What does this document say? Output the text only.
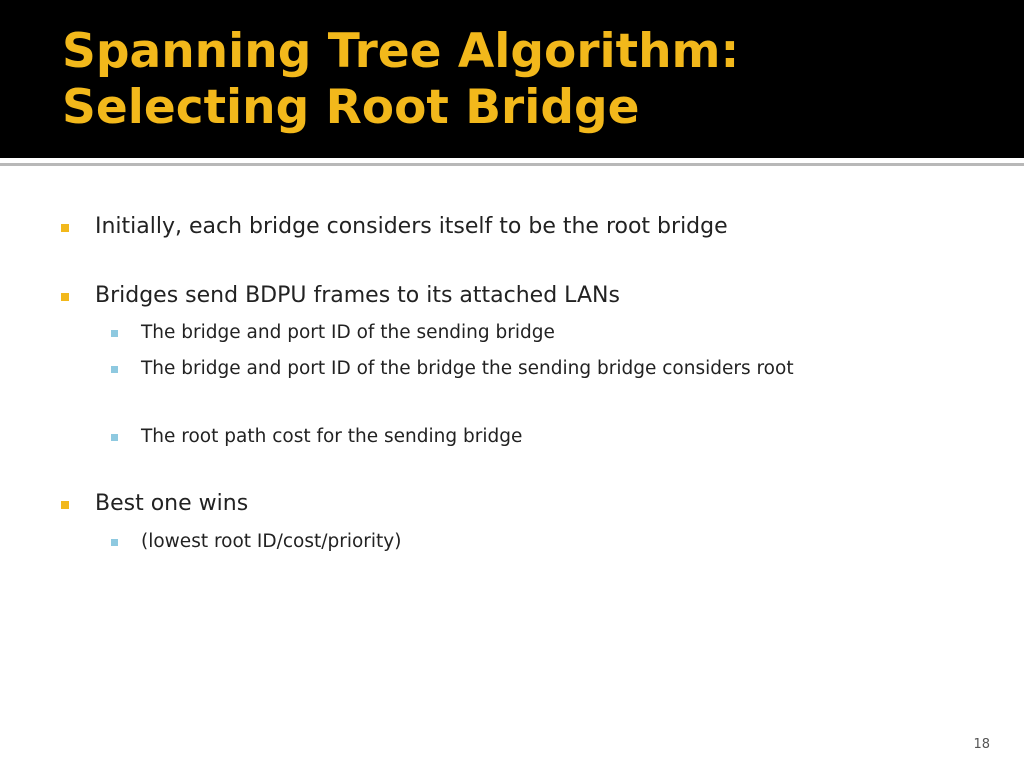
Spanning Tree Algorithm:
Selecting Root Bridge
Initially, each bridge considers itself to be the root bridge
Bridges send BDPU frames to its attached LANs
The bridge and port ID of the sending bridge
The bridge and port ID of the bridge the sending bridge considers root
The root path cost for the sending bridge
Best one wins
(lowest root ID/cost/priority)
18
